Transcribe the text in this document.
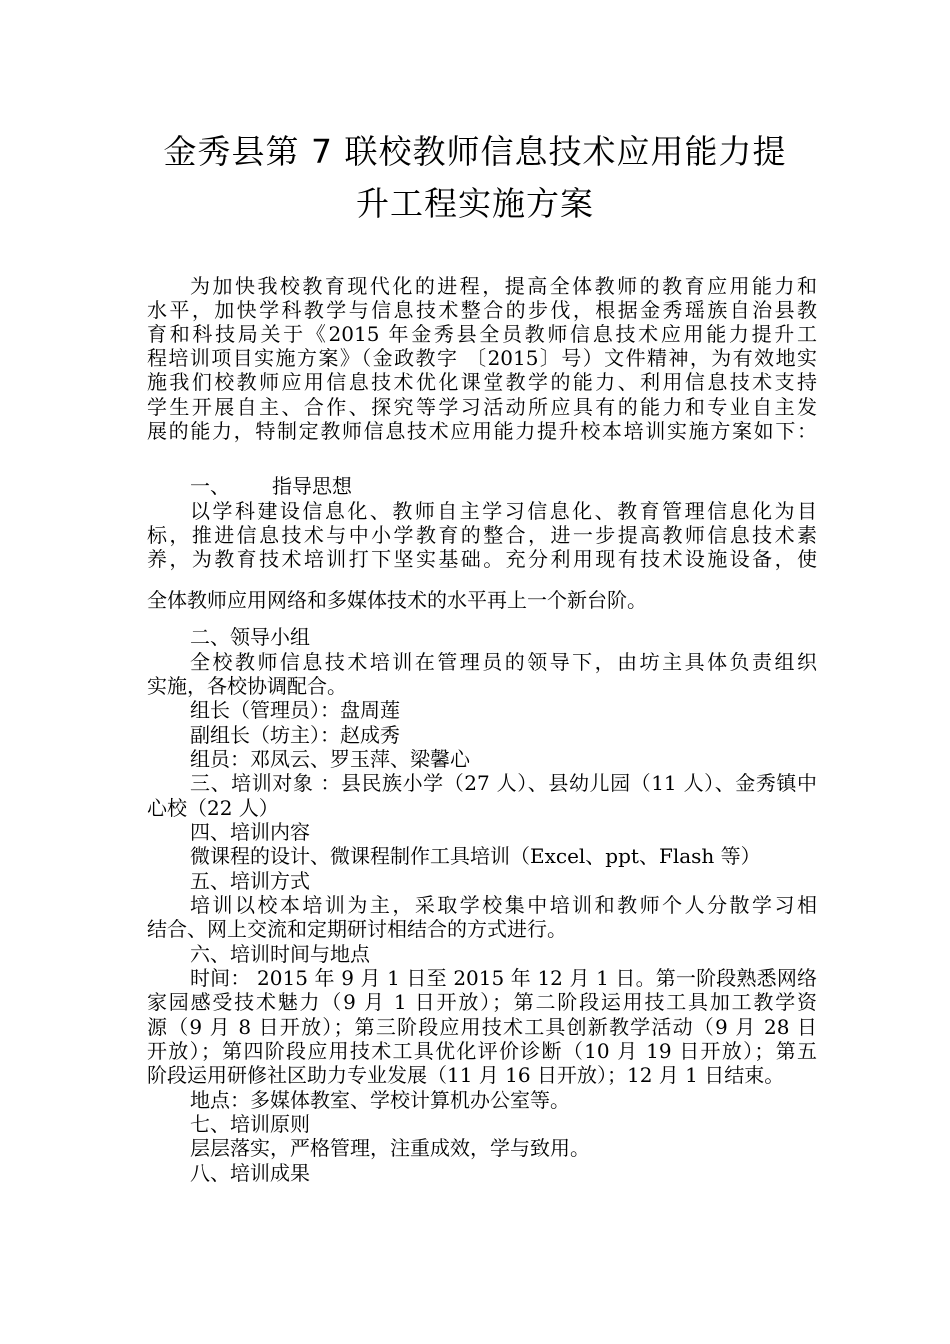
金秀县第 7 联校教师信息技术应用能力提
升工程实施方案
为加快我校教育现代化的进程，提高全体教师的教育应用能力和
水平，加快学科教学与信息技术整合的步伐，根据金秀瑶族自治县教
育和科技局关于《2015 年金秀县全员教师信息技术应用能力提升工
程培训项目实施方案》（金政教字 〔2015〕号）文件精神，为有效地实
施我们校教师应用信息技术优化课堂教学的能力、利用信息技术支持
学生开展自主、合作、探究等学习活动所应具有的能力和专业自主发
展的能力，特制定教师信息技术应用能力提升校本培训实施方案如下：
一、 指导思想
以学科建设信息化、教师自主学习信息化、教育管理信息化为目
标，推进信息技术与中小学教育的整合，进一步提高教师信息技术素
养，为教育技术培训打下坚实基础。充分利用现有技术设施设备，使
全体教师应用网络和多媒体技术的水平再上一个新台阶。
二、领导小组
全校教师信息技术培训在管理员的领导下，由坊主具体负责组织
实施，各校协调配合。
组长（管理员）：盘周莲
副组长（坊主）：赵成秀
组员：邓凤云、罗玉萍、梁馨心
三、培训对象 ：县民族小学（27 人）、县幼儿园（11 人）、金秀镇中
心校（22 人）
四、培训内容
微课程的设计、微课程制作工具培训（Excel、ppt、Flash 等）
五、培训方式
培训以校本培训为主，采取学校集中培训和教师个人分散学习相
结合、网上交流和定期研讨相结合的方式进行。
六、培训时间与地点
时间： 2015 年 9 月 1 日至 2015 年 12 月 1 日。第一阶段熟悉网络
家园感受技术魅力（9 月 1 日开放）；第二阶段运用技工具加工教学资
源（9 月 8 日开放）；第三阶段应用技术工具创新教学活动（9 月 28 日
开放）；第四阶段应用技术工具优化评价诊断（10 月 19 日开放）；第五
阶段运用研修社区助力专业发展（11 月 16 日开放）；12 月 1 日结束。
地点：多媒体教室、学校计算机办公室等。
七、培训原则
层层落实，严格管理，注重成效，学与致用。
八、培训成果
